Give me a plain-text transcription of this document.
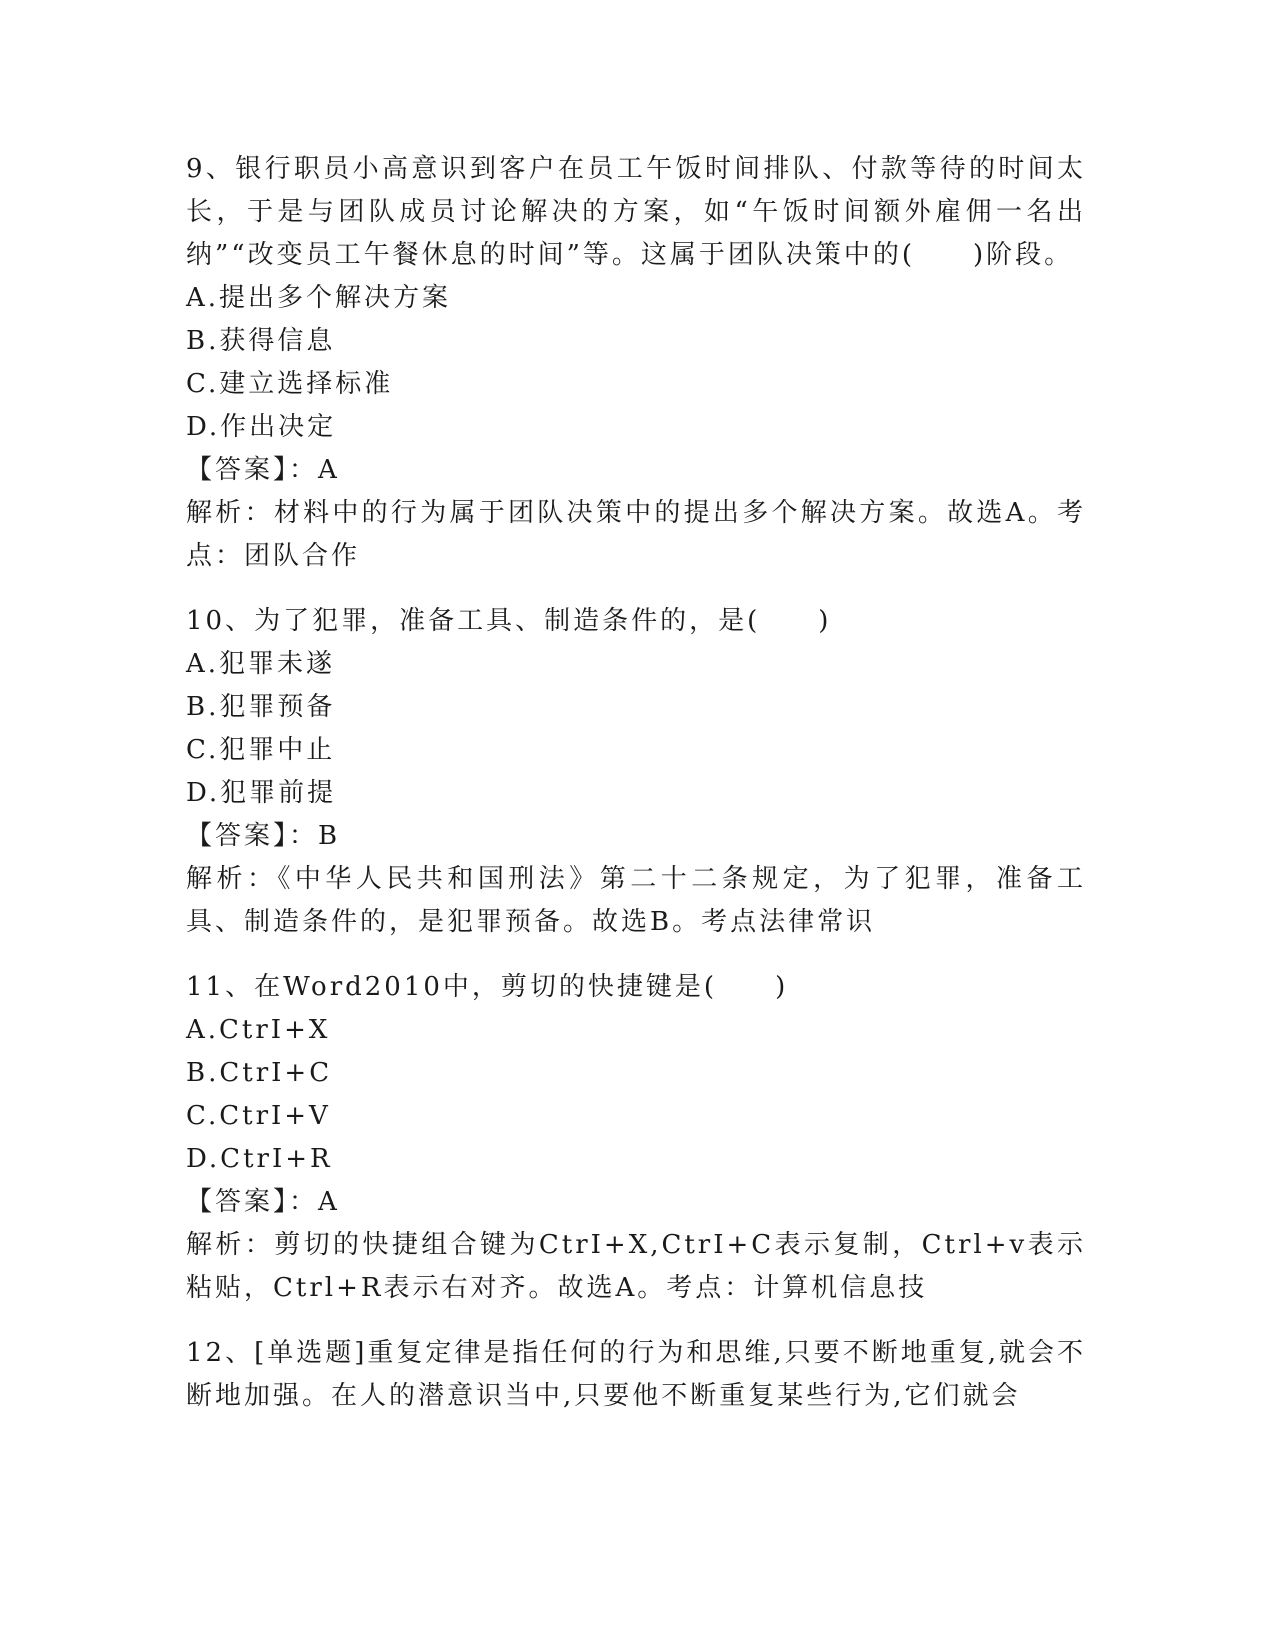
9、银行职员小高意识到客户在员工午饭时间排队、付款等待的时间太长，于是与团队成员讨论解决的方案，如“午饭时间额外雇佣一名出纳”“改变员工午餐休息的时间”等。这属于团队决策中的(　　)阶段。
A.提出多个解决方案
B.获得信息
C.建立选择标准
D.作出决定
【答案】：A
解析：材料中的行为属于团队决策中的提出多个解决方案。故选A。考点：团队合作
10、为了犯罪，准备工具、制造条件的，是(　　)
A.犯罪未遂
B.犯罪预备
C.犯罪中止
D.犯罪前提
【答案】：B
解析：《中华人民共和国刑法》第二十二条规定，为了犯罪，准备工具、制造条件的，是犯罪预备。故选B。考点法律常识
11、在Word2010中，剪切的快捷键是(　　)
A.CtrI+X
B.CtrI+C
C.CtrI+V
D.CtrI+R
【答案】：A
解析：剪切的快捷组合键为CtrI+X,CtrI+C表示复制，Ctrl+v表示粘贴，Ctrl+R表示右对齐。故选A。考点：计算机信息技
12、[单选题]重复定律是指任何的行为和思维,只要不断地重复,就会不断地加强。在人的潜意识当中,只要他不断重复某些行为,它们就会
